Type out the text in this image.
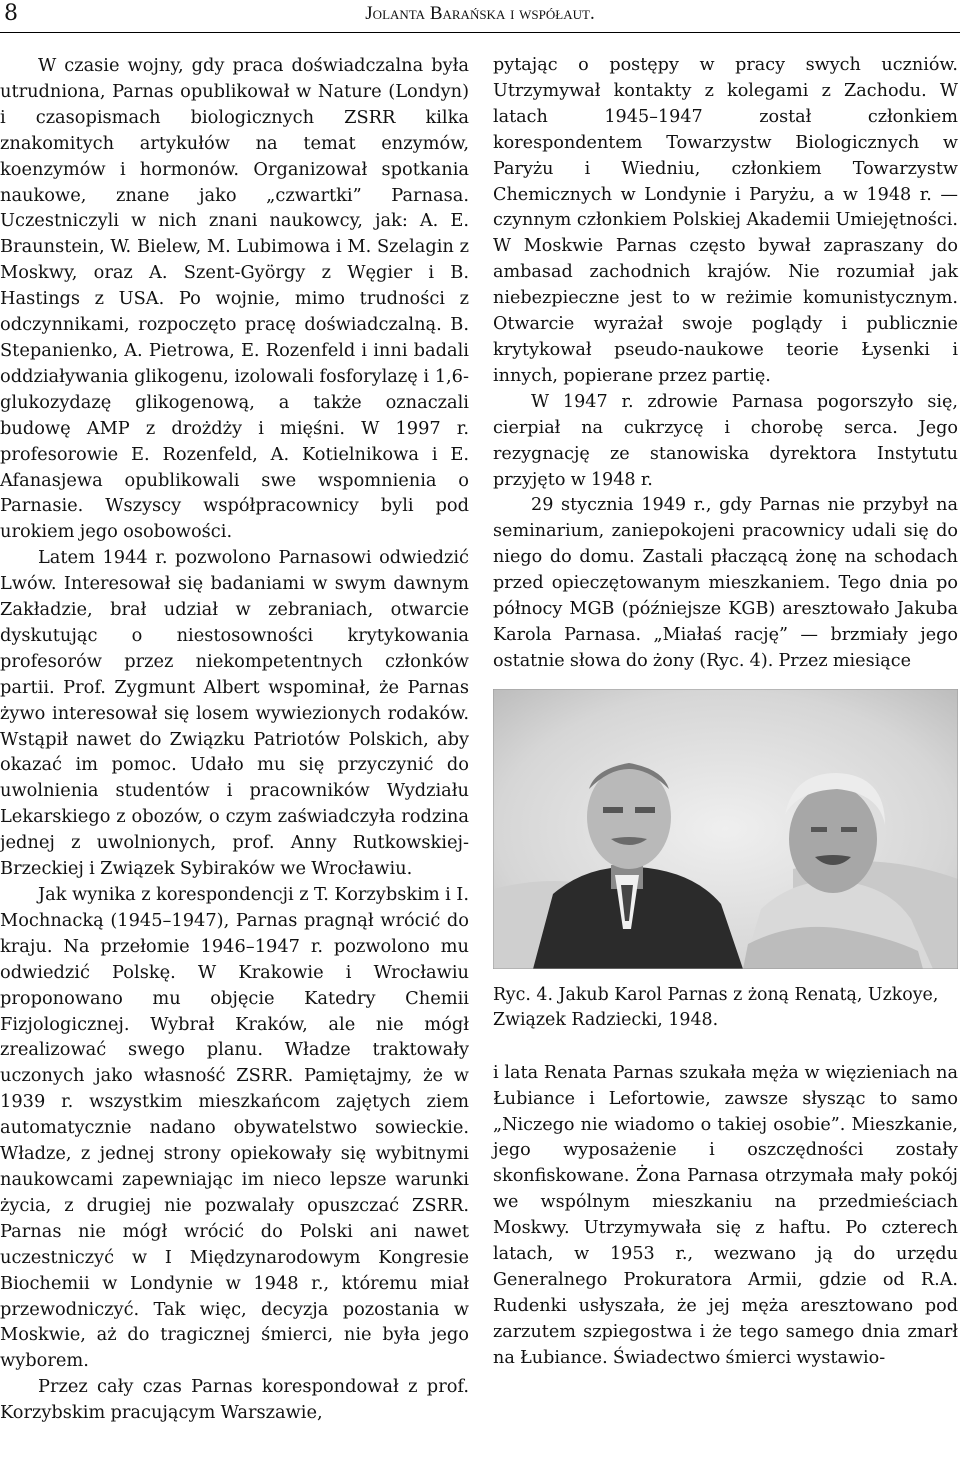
8	Jolanta Barańska i współaut.

W czasie wojny, gdy praca doświadczalna była utrudniona, Parnas opublikował w Nature (Londyn) i czasopismach biologicznych ZSRR kilka znakomitych artykułów na temat enzymów, koenzymów i hormonów. Organizował spotkania naukowe, znane jako „czwartki” Parnasa. Uczestniczyli w nich znani naukowcy, jak: A. E. Braunstein, W. Bielew, M. Lubimowa i M. Szelagin z Moskwy, oraz A. Szent-György z Węgier i B. Hastings z USA. Po wojnie, mimo trudności z odczynnikami, rozpoczęto pracę doświadczalną. B. Stepanienko, A. Pietrowa, E. Rozenfeld i inni badali oddziaływania glikogenu, izolowali fosforylazę i 1,6-glukozydazę glikogenową, a także oznaczali budowę AMP z drożdży i mięśni. W 1997 r. profesorowie E. Rozenfeld, A. Kotielnikowa i E. Afanasjewa opublikowali swe wspomnienia o Parnasie. Wszyscy współpracownicy byli pod urokiem jego osobowości.

Latem 1944 r. pozwolono Parnasowi odwiedzić Lwów. Interesował się badaniami w swym dawnym Zakładzie, brał udział w zebraniach, otwarcie dyskutując o niestosowności krytykowania profesorów przez niekompetentnych członków partii. Prof. Zygmunt Albert wspominał, że Parnas żywo interesował się losem wywiezionych rodaków. Wstąpił nawet do Związku Patriotów Polskich, aby okazać im pomoc. Udało mu się przyczynić do uwolnienia studentów i pracowników Wydziału Lekarskiego z obozów, o czym zaświadczyła rodzina jednej z uwolnionych, prof. Anny Rutkowskiej-Brzeckiej i Związek Sybiraków we Wrocławiu.

Jak wynika z korespondencji z T. Korzybskim i I. Mochnacką (1945–1947), Parnas pragnął wrócić do kraju. Na przełomie 1946–1947 r. pozwolono mu odwiedzić Polskę. W Krakowie i Wrocławiu proponowano mu objęcie Katedry Chemii Fizjologicznej. Wybrał Kraków, ale nie mógł zrealizować swego planu. Władze traktowały uczonych jako własność ZSRR. Pamiętajmy, że w 1939 r. wszystkim mieszkańcom zajętych ziem automatycznie nadano obywatelstwo sowieckie. Władze, z jednej strony opiekowały się wybitnymi naukowcami zapewniając im nieco lepsze warunki życia, z drugiej nie pozwalały opuszczać ZSRR. Parnas nie mógł wrócić do Polski ani nawet uczestniczyć w I Międzynarodowym Kongresie Biochemii w Londynie w 1948 r., któremu miał przewodniczyć. Tak więc, decyzja pozostania w Moskwie, aż do tragicznej śmierci, nie była jego wyborem.

Przez cały czas Parnas korespondował z prof. Korzybskim pracującym Warszawie,

pytając o postępy w pracy swych uczniów. Utrzymywał kontakty z kolegami z Zachodu. W latach 1945–1947 został członkiem korespondentem Towarzystw Biologicznych w Paryżu i Wiedniu, członkiem Towarzystw Chemicznych w Londynie i Paryżu, a w 1948 r. — czynnym członkiem Polskiej Akademii Umiejętności. W Moskwie Parnas często bywał zapraszany do ambasad zachodnich krajów. Nie rozumiał jak niebezpieczne jest to w reżimie komunistycznym. Otwarcie wyrażał swoje poglądy i publicznie krytykował pseudo-naukowe teorie Łysenki i innych, popierane przez partię.

W 1947 r. zdrowie Parnasa pogorszyło się, cierpiał na cukrzycę i chorobę serca. Jego rezygnację ze stanowiska dyrektora Instytutu przyjęto w 1948 r.

29 stycznia 1949 r., gdy Parnas nie przybył na seminarium, zaniepokojeni pracownicy udali się do niego do domu. Zastali płaczącą żonę na schodach przed opieczętowanym mieszkaniem. Tego dnia po północy MGB (późniejsze KGB) aresztowało Jakuba Karola Parnasa. „Miałaś rację” — brzmiały jego ostatnie słowa do żony (Ryc. 4). Przez miesiące

Ryc. 4. Jakub Karol Parnas z żoną Renatą, Uzkoye, Związek Radziecki, 1948.

i lata Renata Parnas szukała męża w więzieniach na Łubiance i Lefortowie, zawsze słysząc to samo „Niczego nie wiadomo o takiej osobie”. Mieszkanie, jego wyposażenie i oszczędności zostały skonfiskowane. Żona Parnasa otrzymała mały pokój we wspólnym mieszkaniu na przedmieściach Moskwy. Utrzymywała się z haftu. Po czterech latach, w 1953 r., wezwano ją do urzędu Generalnego Prokuratora Armii, gdzie od R.A. Rudenki usłyszała, że jej męża aresztowano pod zarzutem szpiegostwa i że tego samego dnia zmarł na Łubiance. Świadectwo śmierci wystawio-
